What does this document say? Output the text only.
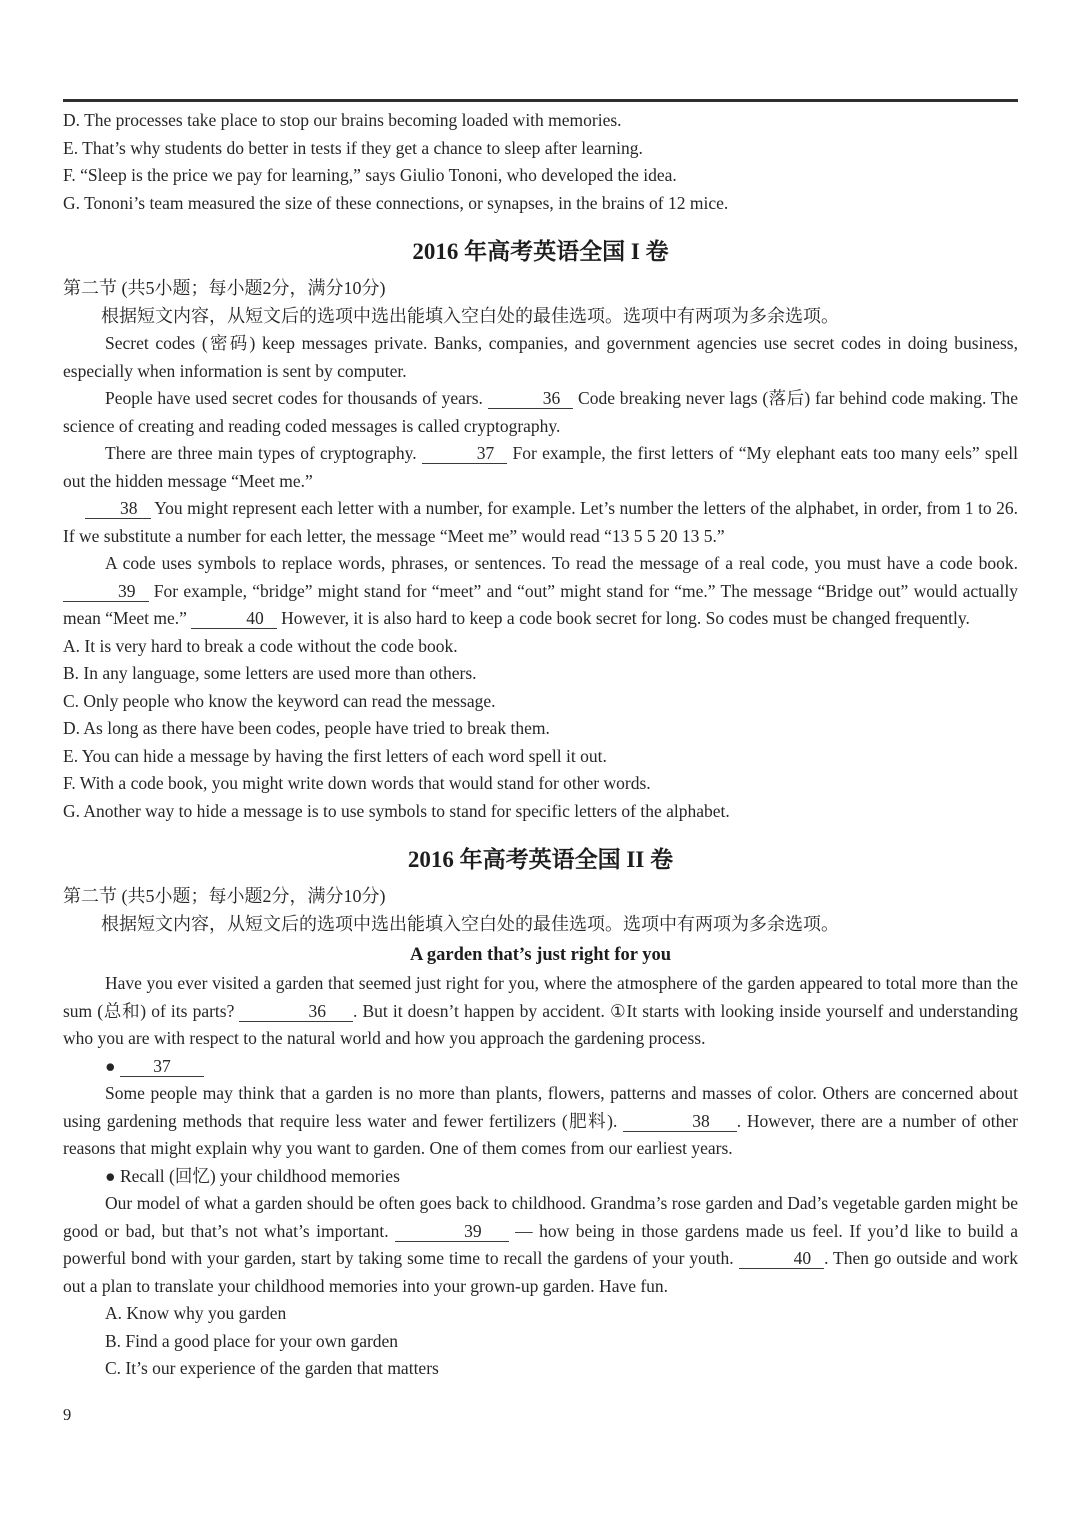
D. The processes take place to stop our brains becoming loaded with memories.
E. That’s why students do better in tests if they get a chance to sleep after learning.
F. “Sleep is the price we pay for learning,” says Giulio Tononi, who developed the idea.
G. Tononi’s team measured the size of these connections, or synapses, in the brains of 12 mice.
2016 年高考英语全国 I 卷
第二节 (共5小题；每小题2分，满分10分)
根据短文内容，从短文后的选项中选出能填入空白处的最佳选项。选项中有两项为多余选项。
Secret codes (密码) keep messages private. Banks, companies, and government agencies use secret codes in doing business, especially when information is sent by computer.
People have used secret codes for thousands of years.	36 Code breaking never lags (落后) far behind code making. The science of creating and reading coded messages is called cryptography.
There are three main types of cryptography.	37 For example, the first letters of “My elephant eats too many eels” spell out the hidden message “Meet me.”
38 You might represent each letter with a number, for example. Let’s number the letters of the alphabet, in order, from 1 to 26. If we substitute a number for each letter, the message “Meet me” would read “13 5 5 20 13 5.”
A code uses symbols to replace words, phrases, or sentences. To read the message of a real code, you must have a code book. 39 For example, “bridge” might stand for “meet” and “out” might stand for “me.” The message “Bridge out” would actually mean “Meet me.”	40 However, it is also hard to keep a code book secret for long. So codes must be changed frequently.
A. It is very hard to break a code without the code book.
B. In any language, some letters are used more than others.
C. Only people who know the keyword can read the message.
D. As long as there have been codes, people have tried to break them.
E. You can hide a message by having the first letters of each word spell it out.
F. With a code book, you might write down words that would stand for other words.
G. Another way to hide a message is to use symbols to stand for specific letters of the alphabet.
2016 年高考英语全国 II 卷
第二节 (共5小题；每小题2分，满分10分)
根据短文内容，从短文后的选项中选出能填入空白处的最佳选项。选项中有两项为多余选项。
A garden that’s just right for you
Have you ever visited a garden that seemed just right for you, where the atmosphere of the garden appeared to total more than the sum (总和) of its parts?	36 . But it doesn’t happen by accident. ①It starts with looking inside yourself and understanding who you are with respect to the natural world and how you approach the gardening process.
● 37
Some people may think that a garden is no more than plants, flowers, patterns and masses of color. Others are concerned about using gardening methods that require less water and fewer fertilizers (肥料).	38 . However, there are a number of other reasons that might explain why you want to garden. One of them comes from our earliest years.
● Recall (回忆) your childhood memories
Our model of what a garden should be often goes back to childhood. Grandma’s rose garden and Dad’s vegetable garden might be good or bad, but that’s not what’s important.	39 — how being in those gardens made us feel. If you’d like to build a powerful bond with your garden, start by taking some time to recall the gardens of your youth.	40 . Then go outside and work out a plan to translate your childhood memories into your grown-up garden. Have fun.
A. Know why you garden
B. Find a good place for your own garden
C. It’s our experience of the garden that matters
9
